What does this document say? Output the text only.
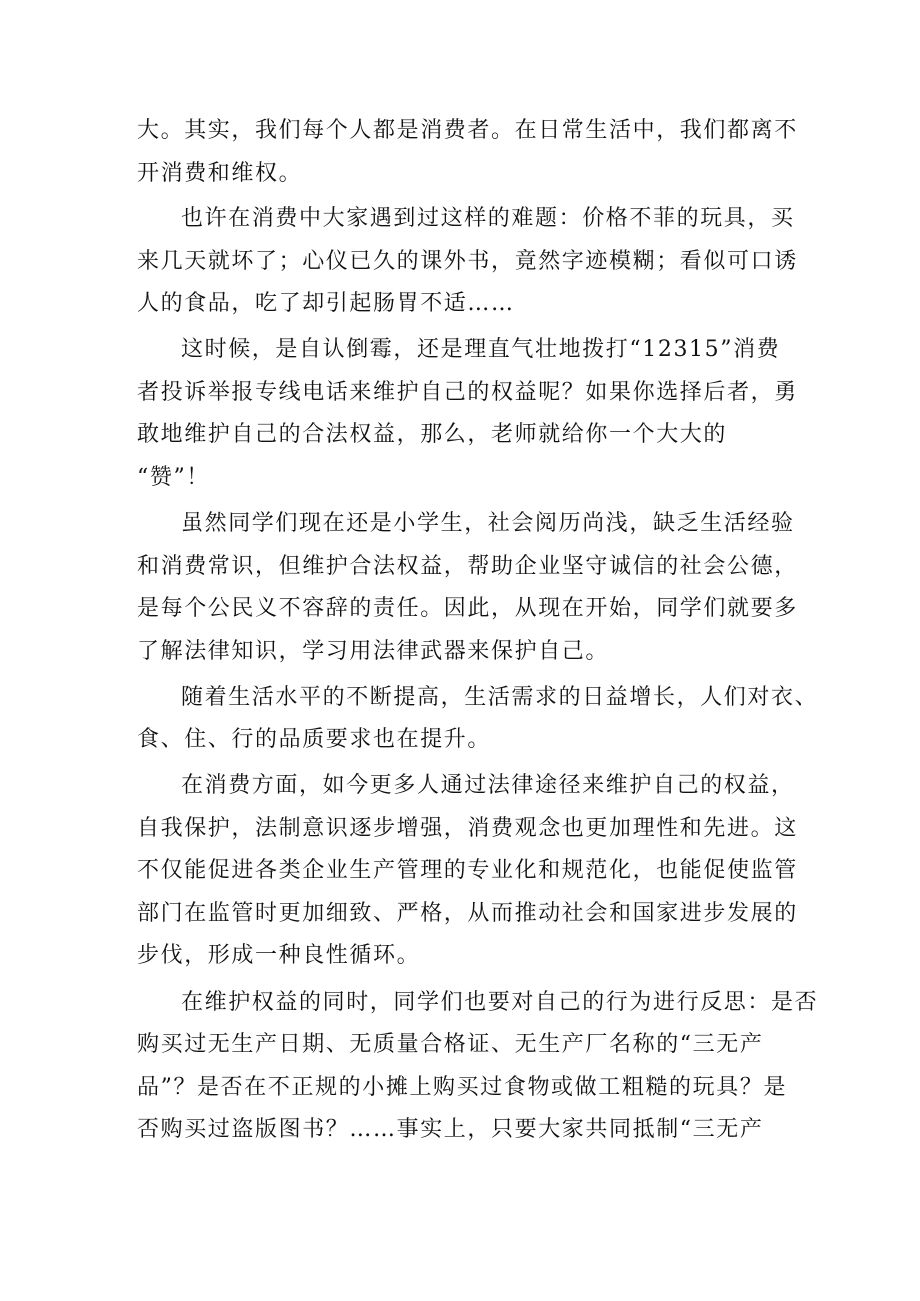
大。其实，我们每个人都是消费者。在日常生活中，我们都离不
开消费和维权。
也许在消费中大家遇到过这样的难题：价格不菲的玩具，买
来几天就坏了；心仪已久的课外书，竟然字迹模糊；看似可口诱
人的食品，吃了却引起肠胃不适……
这时候，是自认倒霉，还是理直气壮地拨打“12315”消费
者投诉举报专线电话来维护自己的权益呢？如果你选择后者，勇
敢地维护自己的合法权益，那么，老师就给你一个大大的
“赞”！
虽然同学们现在还是小学生，社会阅历尚浅，缺乏生活经验
和消费常识，但维护合法权益，帮助企业坚守诚信的社会公德，
是每个公民义不容辞的责任。因此，从现在开始，同学们就要多
了解法律知识，学习用法律武器来保护自己。
随着生活水平的不断提高，生活需求的日益增长，人们对衣、
食、住、行的品质要求也在提升。
在消费方面，如今更多人通过法律途径来维护自己的权益，
自我保护，法制意识逐步增强，消费观念也更加理性和先进。这
不仅能促进各类企业生产管理的专业化和规范化，也能促使监管
部门在监管时更加细致、严格，从而推动社会和国家进步发展的
步伐，形成一种良性循环。
在维护权益的同时，同学们也要对自己的行为进行反思：是否
购买过无生产日期、无质量合格证、无生产厂名称的“三无产
品”？是否在不正规的小摊上购买过食物或做工粗糙的玩具？是
否购买过盗版图书？……事实上，只要大家共同抵制“三无产
